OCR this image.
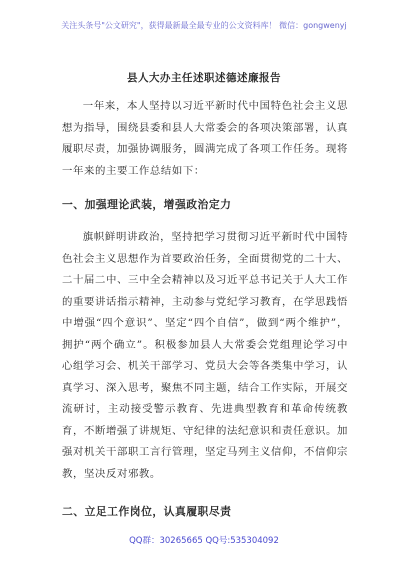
关注头条号"公文研究"，获得最新最全最专业的公文资料库！ 微信：gongwenyj
县人大办主任述职述德述廉报告

一年来，本人坚持以习近平新时代中国特色社会主义思想为指导，围绕县委和县人大常委会的各项决策部署，认真履职尽责，加强协调服务，圆满完成了各项工作任务。现将一年来的主要工作总结如下：

一、加强理论武装，增强政治定力

旗帜鲜明讲政治，坚持把学习贯彻习近平新时代中国特色社会主义思想作为首要政治任务，全面贯彻党的二十大、二十届二中、三中全会精神以及习近平总书记关于人大工作的重要讲话指示精神，主动参与党纪学习教育，在学思践悟中增强“四个意识”、坚定“四个自信”，做到“两个维护”，拥护“两个确立”。积极参加县人大常委会党组理论学习中心组学习会、机关干部学习、党员大会等各类集中学习，认真学习、深入思考，聚焦不同主题，结合工作实际，开展交流研讨，主动接受警示教育、先进典型教育和革命传统教育，不断增强了讲规矩、守纪律的法纪意识和责任意识。加强对机关干部职工言行管理，坚定马列主义信仰，不信仰宗教，坚决反对邪教。

二、立足工作岗位，认真履职尽责

QQ群：30265665 QQ号:535304092
